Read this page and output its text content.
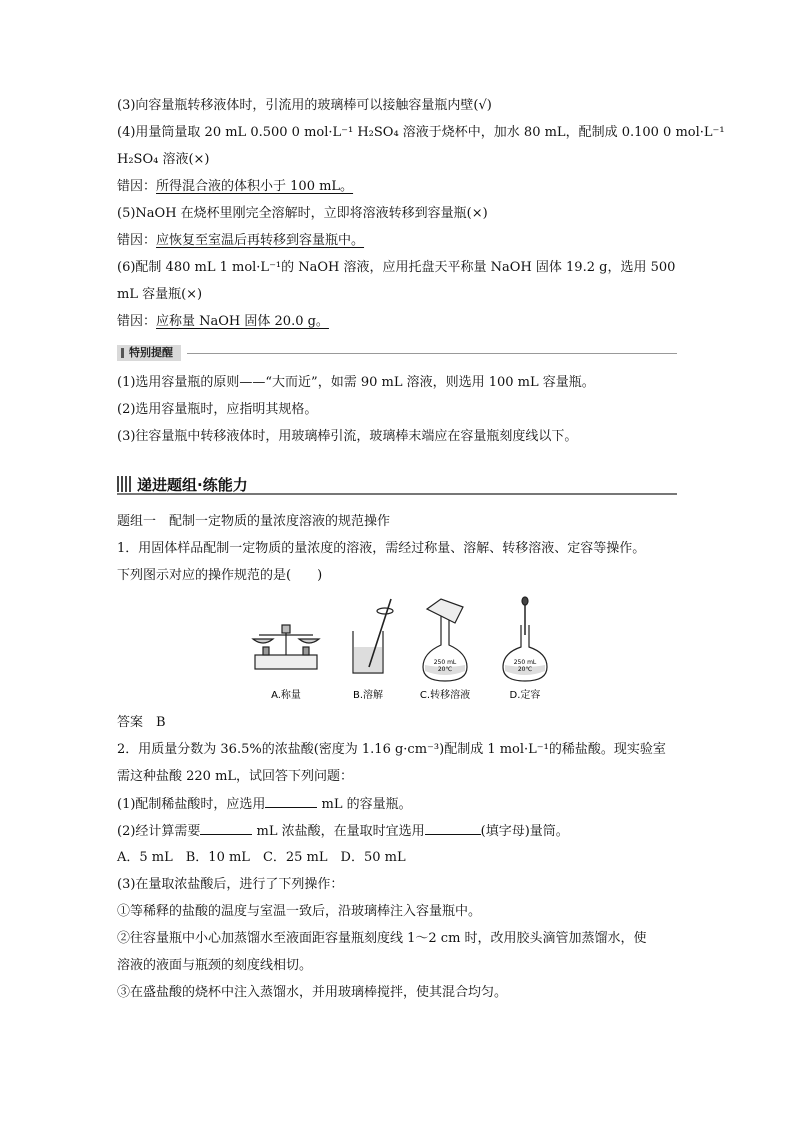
(3)向容量瓶转移液体时，引流用的玻璃棒可以接触容量瓶内壁(√)
(4)用量筒量取 20 mL 0.500 0 mol·L⁻¹ H₂SO₄ 溶液于烧杯中，加水 80 mL，配制成 0.100 0 mol·L⁻¹
H₂SO₄ 溶液(×)
错因：所得混合液的体积小于 100 mL。
(5)NaOH 在烧杯里刚完全溶解时，立即将溶液转移到容量瓶(×)
错因：应恢复至室温后再转移到容量瓶中。
(6)配制 480 mL 1 mol·L⁻¹的 NaOH 溶液，应用托盘天平称量 NaOH 固体 19.2 g，选用 500
mL 容量瓶(×)
错因：应称量 NaOH 固体 20.0 g。
特别提醒
(1)选用容量瓶的原则——“大而近”，如需 90 mL 溶液，则选用 100 mL 容量瓶。
(2)选用容量瓶时，应指明其规格。
(3)往容量瓶中转移液体时，用玻璃棒引流，玻璃棒末端应在容量瓶刻度线以下。
递进题组·练能力
题组一　配制一定物质的量浓度溶液的规范操作
1．用固体样品配制一定物质的量浓度的溶液，需经过称量、溶解、转移溶液、定容等操作。
下列图示对应的操作规范的是(　　)
250 mL
20℃
250 mL
20℃
A.称量	B.溶解	C.转移溶液	D.定容
答案　B
2．用质量分数为 36.5%的浓盐酸(密度为 1.16 g·cm⁻³)配制成 1 mol·L⁻¹的稀盐酸。现实验室
需这种盐酸 220 mL，试回答下列问题：
(1)配制稀盐酸时，应选用	mL 的容量瓶。
(2)经计算需要	mL 浓盐酸，在量取时宜选用	(填字母)量筒。
A．5 mL　B．10 mL　C．25 mL　D．50 mL
(3)在量取浓盐酸后，进行了下列操作：
①等稀释的盐酸的温度与室温一致后，沿玻璃棒注入容量瓶中。
②往容量瓶中小心加蒸馏水至液面距容量瓶刻度线 1～2 cm 时，改用胶头滴管加蒸馏水，使
溶液的液面与瓶颈的刻度线相切。
③在盛盐酸的烧杯中注入蒸馏水，并用玻璃棒搅拌，使其混合均匀。
